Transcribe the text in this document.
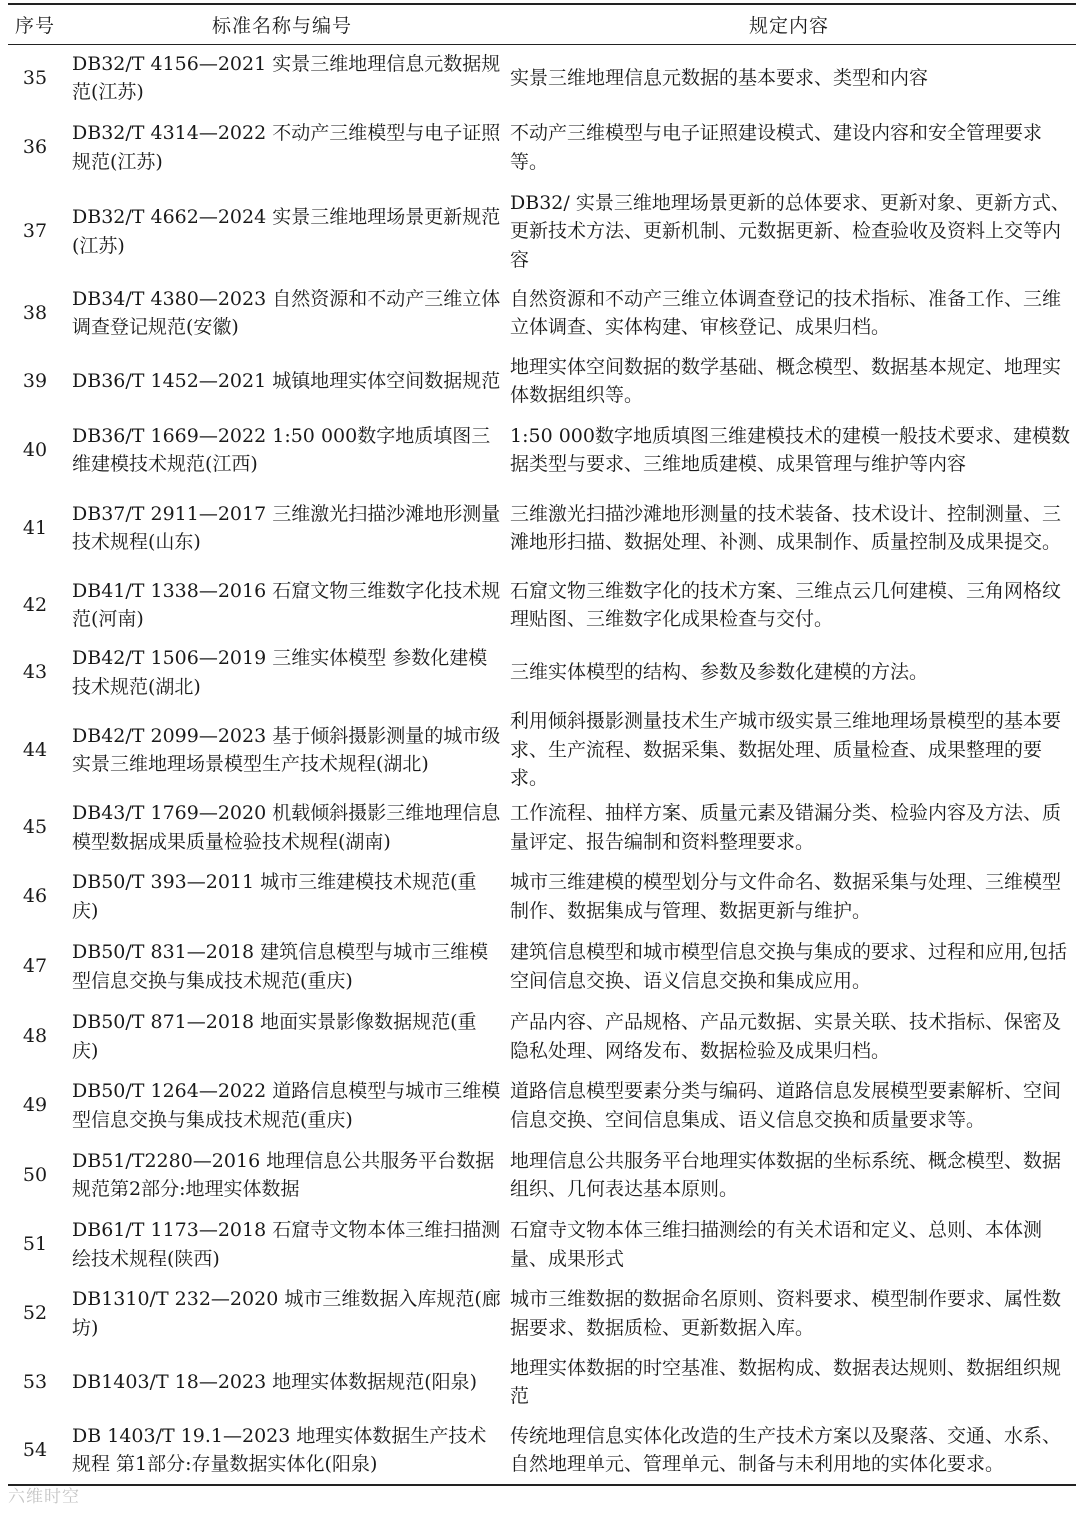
序号	标准名称与编号	规定内容
35	DB32/T 4156—2021 实景三维地理信息元数据规范(江苏)	实景三维地理信息元数据的基本要求、类型和内容
36	DB32/T 4314—2022 不动产三维模型与电子证照规范(江苏)	不动产三维模型与电子证照建设模式、建设内容和安全管理要求等。
37	DB32/T 4662—2024 实景三维地理场景更新规范(江苏)	DB32/ 实景三维地理场景更新的总体要求、更新对象、更新方式、更新技术方法、更新机制、元数据更新、检查验收及资料上交等内容
38	DB34/T 4380—2023 自然资源和不动产三维立体调查登记规范(安徽)	自然资源和不动产三维立体调查登记的技术指标、准备工作、三维立体调查、实体构建、审核登记、成果归档。
39	DB36/T 1452—2021 城镇地理实体空间数据规范	地理实体空间数据的数学基础、概念模型、数据基本规定、地理实体数据组织等。
40	DB36/T 1669—2022 1:50 000数字地质填图三维建模技术规范(江西)	1:50 000数字地质填图三维建模技术的建模一般技术要求、建模数据类型与要求、三维地质建模、成果管理与维护等内容
41	DB37/T 2911—2017 三维激光扫描沙滩地形测量技术规程(山东)	三维激光扫描沙滩地形测量的技术装备、技术设计、控制测量、三滩地形扫描、数据处理、补测、成果制作、质量控制及成果提交。
42	DB41/T 1338—2016 石窟文物三维数字化技术规范(河南)	石窟文物三维数字化的技术方案、三维点云几何建模、三角网格纹理贴图、三维数字化成果检查与交付。
43	DB42/T 1506—2019 三维实体模型 参数化建模技术规范(湖北)	三维实体模型的结构、参数及参数化建模的方法。
44	DB42/T 2099—2023 基于倾斜摄影测量的城市级实景三维地理场景模型生产技术规程(湖北)	利用倾斜摄影测量技术生产城市级实景三维地理场景模型的基本要求、生产流程、数据采集、数据处理、质量检查、成果整理的要求。
45	DB43/T 1769—2020 机载倾斜摄影三维地理信息模型数据成果质量检验技术规程(湖南)	工作流程、抽样方案、质量元素及错漏分类、检验内容及方法、质量评定、报告编制和资料整理要求。
46	DB50/T 393—2011 城市三维建模技术规范(重庆)	城市三维建模的模型划分与文件命名、数据采集与处理、三维模型制作、数据集成与管理、数据更新与维护。
47	DB50/T 831—2018 建筑信息模型与城市三维模型信息交换与集成技术规范(重庆)	建筑信息模型和城市模型信息交换与集成的要求、过程和应用,包括空间信息交换、语义信息交换和集成应用。
48	DB50/T 871—2018 地面实景影像数据规范(重庆)	产品内容、产品规格、产品元数据、实景关联、技术指标、保密及隐私处理、网络发布、数据检验及成果归档。
49	DB50/T 1264—2022 道路信息模型与城市三维模型信息交换与集成技术规范(重庆)	道路信息模型要素分类与编码、道路信息发展模型要素解析、空间信息交换、空间信息集成、语义信息交换和质量要求等。
50	DB51/T2280—2016 地理信息公共服务平台数据规范第2部分:地理实体数据	地理信息公共服务平台地理实体数据的坐标系统、概念模型、数据组织、几何表达基本原则。
51	DB61/T 1173—2018 石窟寺文物本体三维扫描测绘技术规程(陕西)	石窟寺文物本体三维扫描测绘的有关术语和定义、总则、本体测量、成果形式
52	DB1310/T 232—2020 城市三维数据入库规范(廊坊)	城市三维数据的数据命名原则、资料要求、模型制作要求、属性数据要求、数据质检、更新数据入库。
53	DB1403/T 18—2023 地理实体数据规范(阳泉)	地理实体数据的时空基准、数据构成、数据表达规则、数据组织规范
54	DB 1403/T 19.1—2023 地理实体数据生产技术规程 第1部分:存量数据实体化(阳泉)	传统地理信息实体化改造的生产技术方案以及聚落、交通、水系、自然地理单元、管理单元、制备与未利用地的实体化要求。
六维时空
